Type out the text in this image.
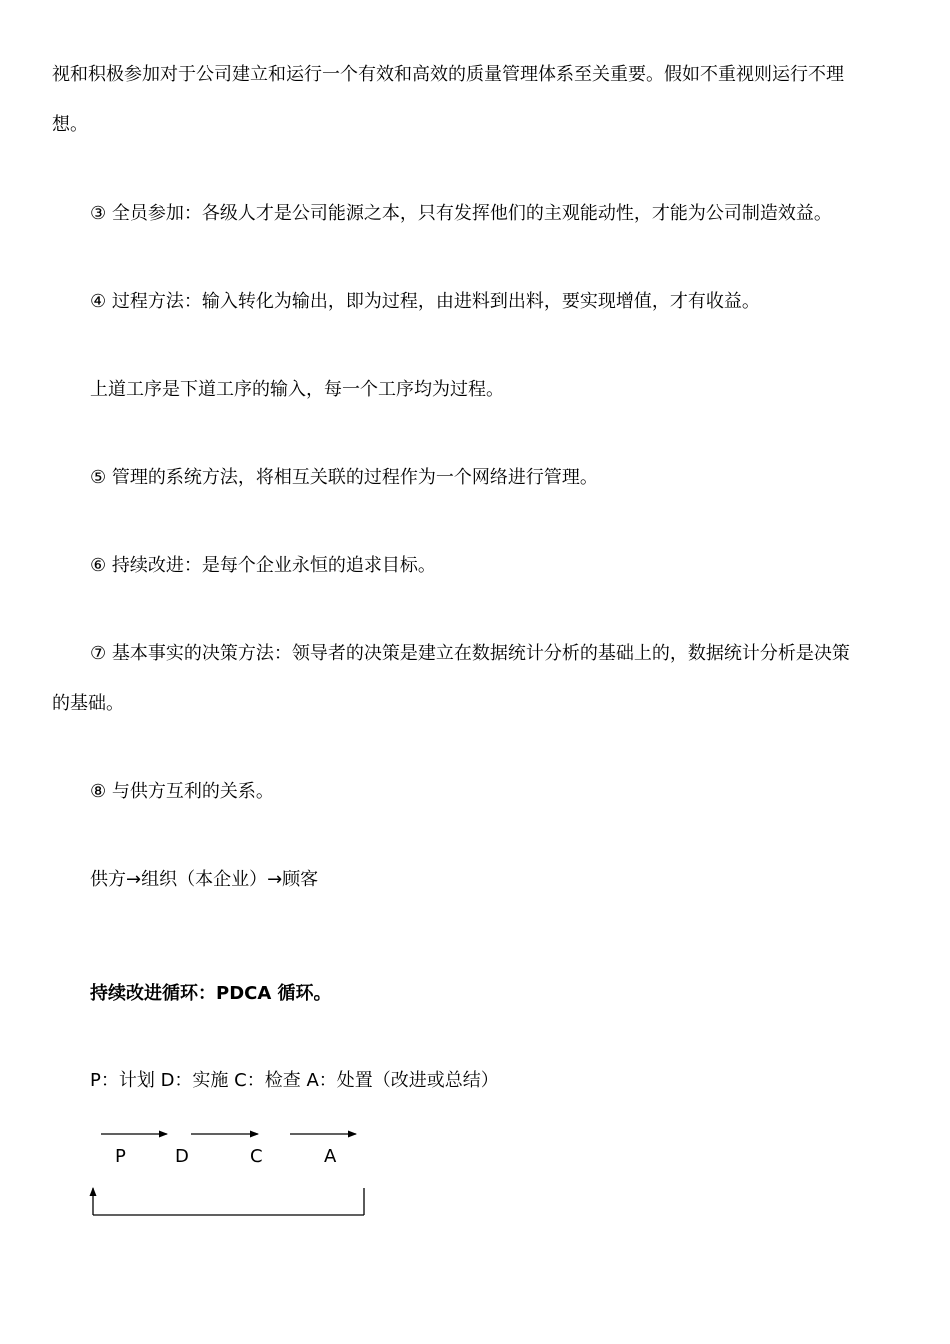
视和积极参加对于公司建立和运行一个有效和高效的质量管理体系至关重要。假如不重视则运行不理
想。
③ 全员参加：各级人才是公司能源之本，只有发挥他们的主观能动性，才能为公司制造效益。
④ 过程方法：输入转化为输出，即为过程，由进料到出料，要实现增值，才有收益。
上道工序是下道工序的输入，每一个工序均为过程。
⑤ 管理的系统方法，将相互关联的过程作为一个网络进行管理。
⑥ 持续改进：是每个企业永恒的追求目标。
⑦ 基本事实的决策方法：领导者的决策是建立在数据统计分析的基础上的，数据统计分析是决策
的基础。
⑧ 与供方互利的关系。
供方→组织（本企业）→顾客
持续改进循环：PDCA 循环。
P：计划 D：实施 C：检查 A：处置（改进或总结）
P	D	C	A
